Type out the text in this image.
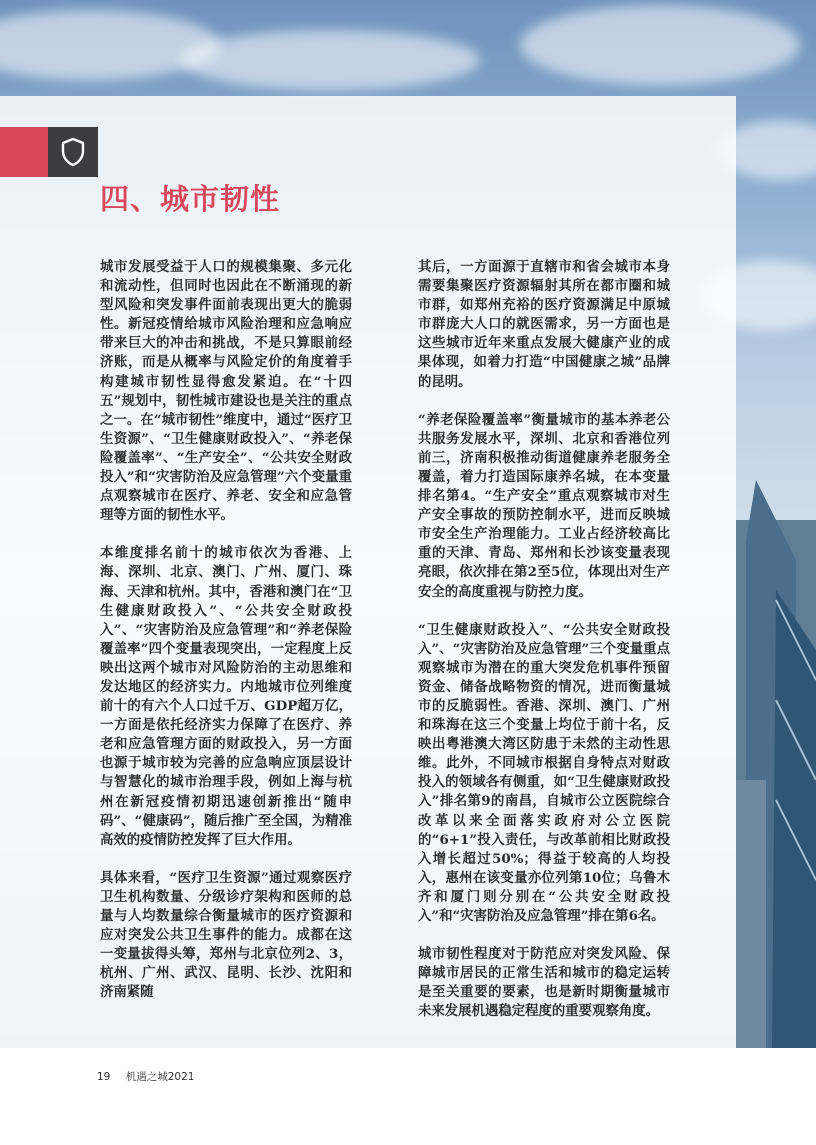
四、城市韧性

城市发展受益于人口的规模集聚、多元化和流动性，但同时也因此在不断涌现的新型风险和突发事件面前表现出更大的脆弱性。新冠疫情给城市风险治理和应急响应带来巨大的冲击和挑战，不是只算眼前经济账，而是从概率与风险定价的角度着手构建城市韧性显得愈发紧迫。在“十四五”规划中，韧性城市建设也是关注的重点之一。在“城市韧性”维度中，通过“医疗卫生资源”、“卫生健康财政投入”、“养老保险覆盖率”、“生产安全”、“公共安全财政投入”和“灾害防治及应急管理”六个变量重点观察城市在医疗、养老、安全和应急管理等方面的韧性水平。

本维度排名前十的城市依次为香港、上海、深圳、北京、澳门、广州、厦门、珠海、天津和杭州。其中，香港和澳门在“卫生健康财政投入”、“公共安全财政投入”、“灾害防治及应急管理”和“养老保险覆盖率”四个变量表现突出，一定程度上反映出这两个城市对风险防治的主动思维和发达地区的经济实力。内地城市位列维度前十的有六个人口过千万、GDP超万亿，一方面是依托经济实力保障了在医疗、养老和应急管理方面的财政投入，另一方面也源于城市较为完善的应急响应顶层设计与智慧化的城市治理手段，例如上海与杭州在新冠疫情初期迅速创新推出“随申码”、“健康码”，随后推广至全国，为精准高效的疫情防控发挥了巨大作用。

具体来看，“医疗卫生资源”通过观察医疗卫生机构数量、分级诊疗架构和医师的总量与人均数量综合衡量城市的医疗资源和应对突发公共卫生事件的能力。成都在这一变量拔得头筹，郑州与北京位列2、3，杭州、广州、武汉、昆明、长沙、沈阳和济南紧随

其后，一方面源于直辖市和省会城市本身需要集聚医疗资源辐射其所在都市圈和城市群，如郑州充裕的医疗资源满足中原城市群庞大人口的就医需求，另一方面也是这些城市近年来重点发展大健康产业的成果体现，如着力打造“中国健康之城”品牌的昆明。

“养老保险覆盖率”衡量城市的基本养老公共服务发展水平，深圳、北京和香港位列前三，济南积极推动街道健康养老服务全覆盖，着力打造国际康养名城，在本变量排名第4。“生产安全”重点观察城市对生产安全事故的预防控制水平，进而反映城市安全生产治理能力。工业占经济较高比重的天津、青岛、郑州和长沙该变量表现亮眼，依次排在第2至5位，体现出对生产安全的高度重视与防控力度。

“卫生健康财政投入”、“公共安全财政投入”、“灾害防治及应急管理”三个变量重点观察城市为潜在的重大突发危机事件预留资金、储备战略物资的情况，进而衡量城市的反脆弱性。香港、深圳、澳门、广州和珠海在这三个变量上均位于前十名，反映出粤港澳大湾区防患于未然的主动性思维。此外，不同城市根据自身特点对财政投入的领域各有侧重，如“卫生健康财政投入”排名第9的南昌，自城市公立医院综合改革以来全面落实政府对公立医院的“6+1”投入责任，与改革前相比财政投入增长超过50%；得益于较高的人均投入，惠州在该变量亦位列第10位；乌鲁木齐和厦门则分别在“公共安全财政投入”和“灾害防治及应急管理”排在第6名。

城市韧性程度对于防范应对突发风险、保障城市居民的正常生活和城市的稳定运转是至关重要的要素，也是新时期衡量城市未来发展机遇稳定程度的重要观察角度。

19 机遇之城2021
